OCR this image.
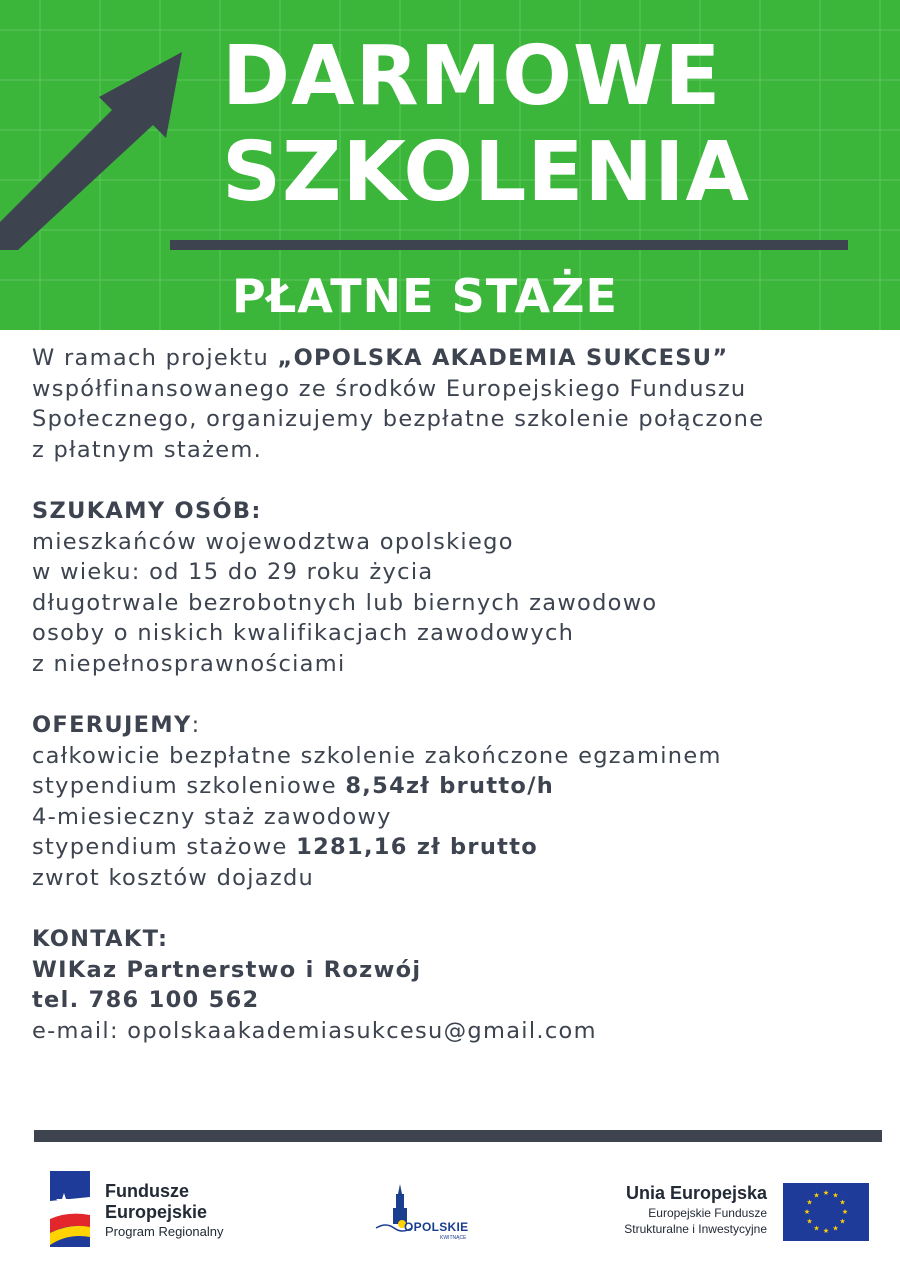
DARMOWE
SZKOLENIA
PŁATNE STAŻE

W ramach projektu „OPOLSKA AKADEMIA SUKCESU”

współfinansowanego ze środków Europejskiego Funduszu

Społecznego, organizujemy bezpłatne szkolenie połączone

z płatnym stażem.

SZUKAMY OSÓB:

mieszkańców wojewodztwa opolskiego

w wieku: od 15 do 29 roku życia

długotrwale bezrobotnych lub biernych zawodowo

osoby o niskich kwalifikacjach zawodowych

z niepełnosprawnościami

OFERUJEMY:

całkowicie bezpłatne szkolenie zakończone egzaminem

stypendium szkoleniowe 8,54zł brutto/h

4-miesieczny staż zawodowy

stypendium stażowe 1281,16 zł brutto

zwrot kosztów dojazdu

KONTAKT:

WIKaz Partnerstwo i Rozwój

tel. 786 100 562

e-mail: opolskaakademiasukcesu@gmail.com

Fundusze
Europejskie
Program Regionalny	OPOLSKIE
KWITNĄCE
Unia Europejska
Europejskie Fundusze
Strukturalne i Inwestycyjne
★ ★
★
★
★
★
★
★
★
★
★
★
